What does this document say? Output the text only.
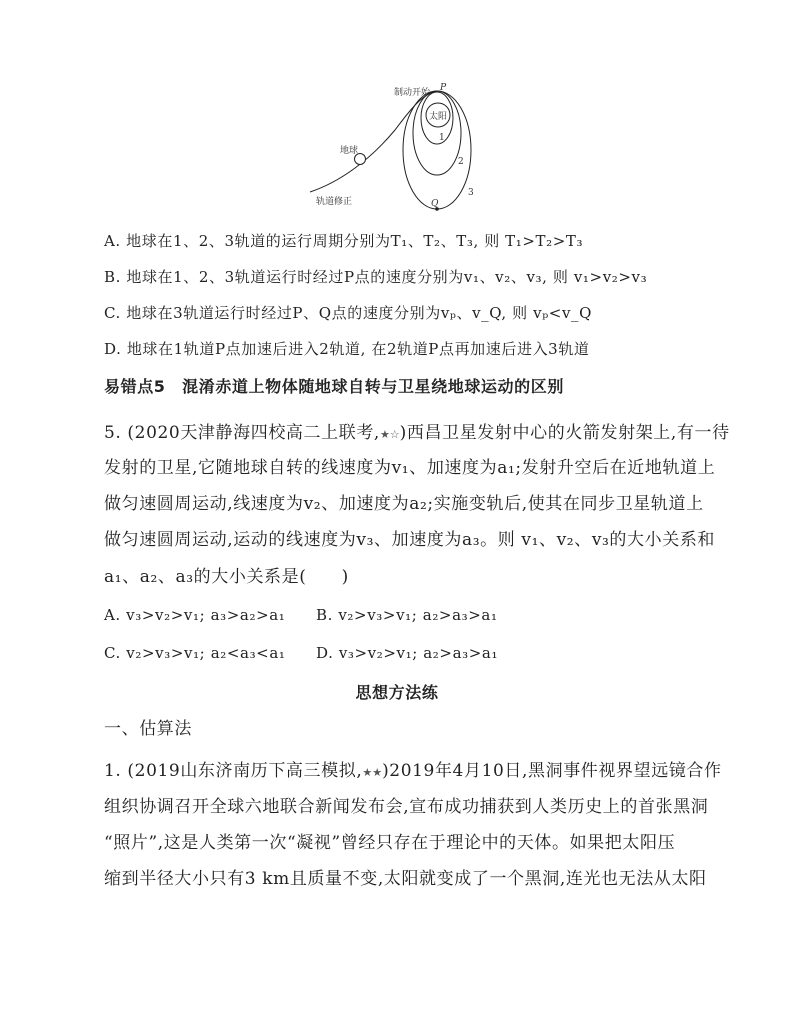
制动开始 P
太阳
1
2
3
地球
Q
轨道修正
A. 地球在1、2、3轨道的运行周期分别为T₁、T₂、T₃, 则 T₁>T₂>T₃
B. 地球在1、2、3轨道运行时经过P点的速度分别为v₁、v₂、v₃, 则 v₁>v₂>v₃
C. 地球在3轨道运行时经过P、Q点的速度分别为vₚ、v_Q, 则 vₚ<v_Q
D. 地球在1轨道P点加速后进入2轨道, 在2轨道P点再加速后进入3轨道
易错点5　混淆赤道上物体随地球自转与卫星绕地球运动的区别
5. (2020天津静海四校高二上联考,★☆)西昌卫星发射中心的火箭发射架上,有一待
发射的卫星,它随地球自转的线速度为v₁、加速度为a₁;发射升空后在近地轨道上
做匀速圆周运动,线速度为v₂、加速度为a₂;实施变轨后,使其在同步卫星轨道上
做匀速圆周运动,运动的线速度为v₃、加速度为a₃。则 v₁、v₂、v₃的大小关系和
a₁、a₂、a₃的大小关系是(　　)
A. v₃>v₂>v₁; a₃>a₂>a₁ B. v₂>v₃>v₁; a₂>a₃>a₁
C. v₂>v₃>v₁; a₂<a₃<a₁ D. v₃>v₂>v₁; a₂>a₃>a₁
思想方法练
一、估算法
1. (2019山东济南历下高三模拟,★★)2019年4月10日,黑洞事件视界望远镜合作
组织协调召开全球六地联合新闻发布会,宣布成功捕获到人类历史上的首张黑洞
“照片”,这是人类第一次“凝视”曾经只存在于理论中的天体。如果把太阳压
缩到半径大小只有3 km且质量不变,太阳就变成了一个黑洞,连光也无法从太阳
